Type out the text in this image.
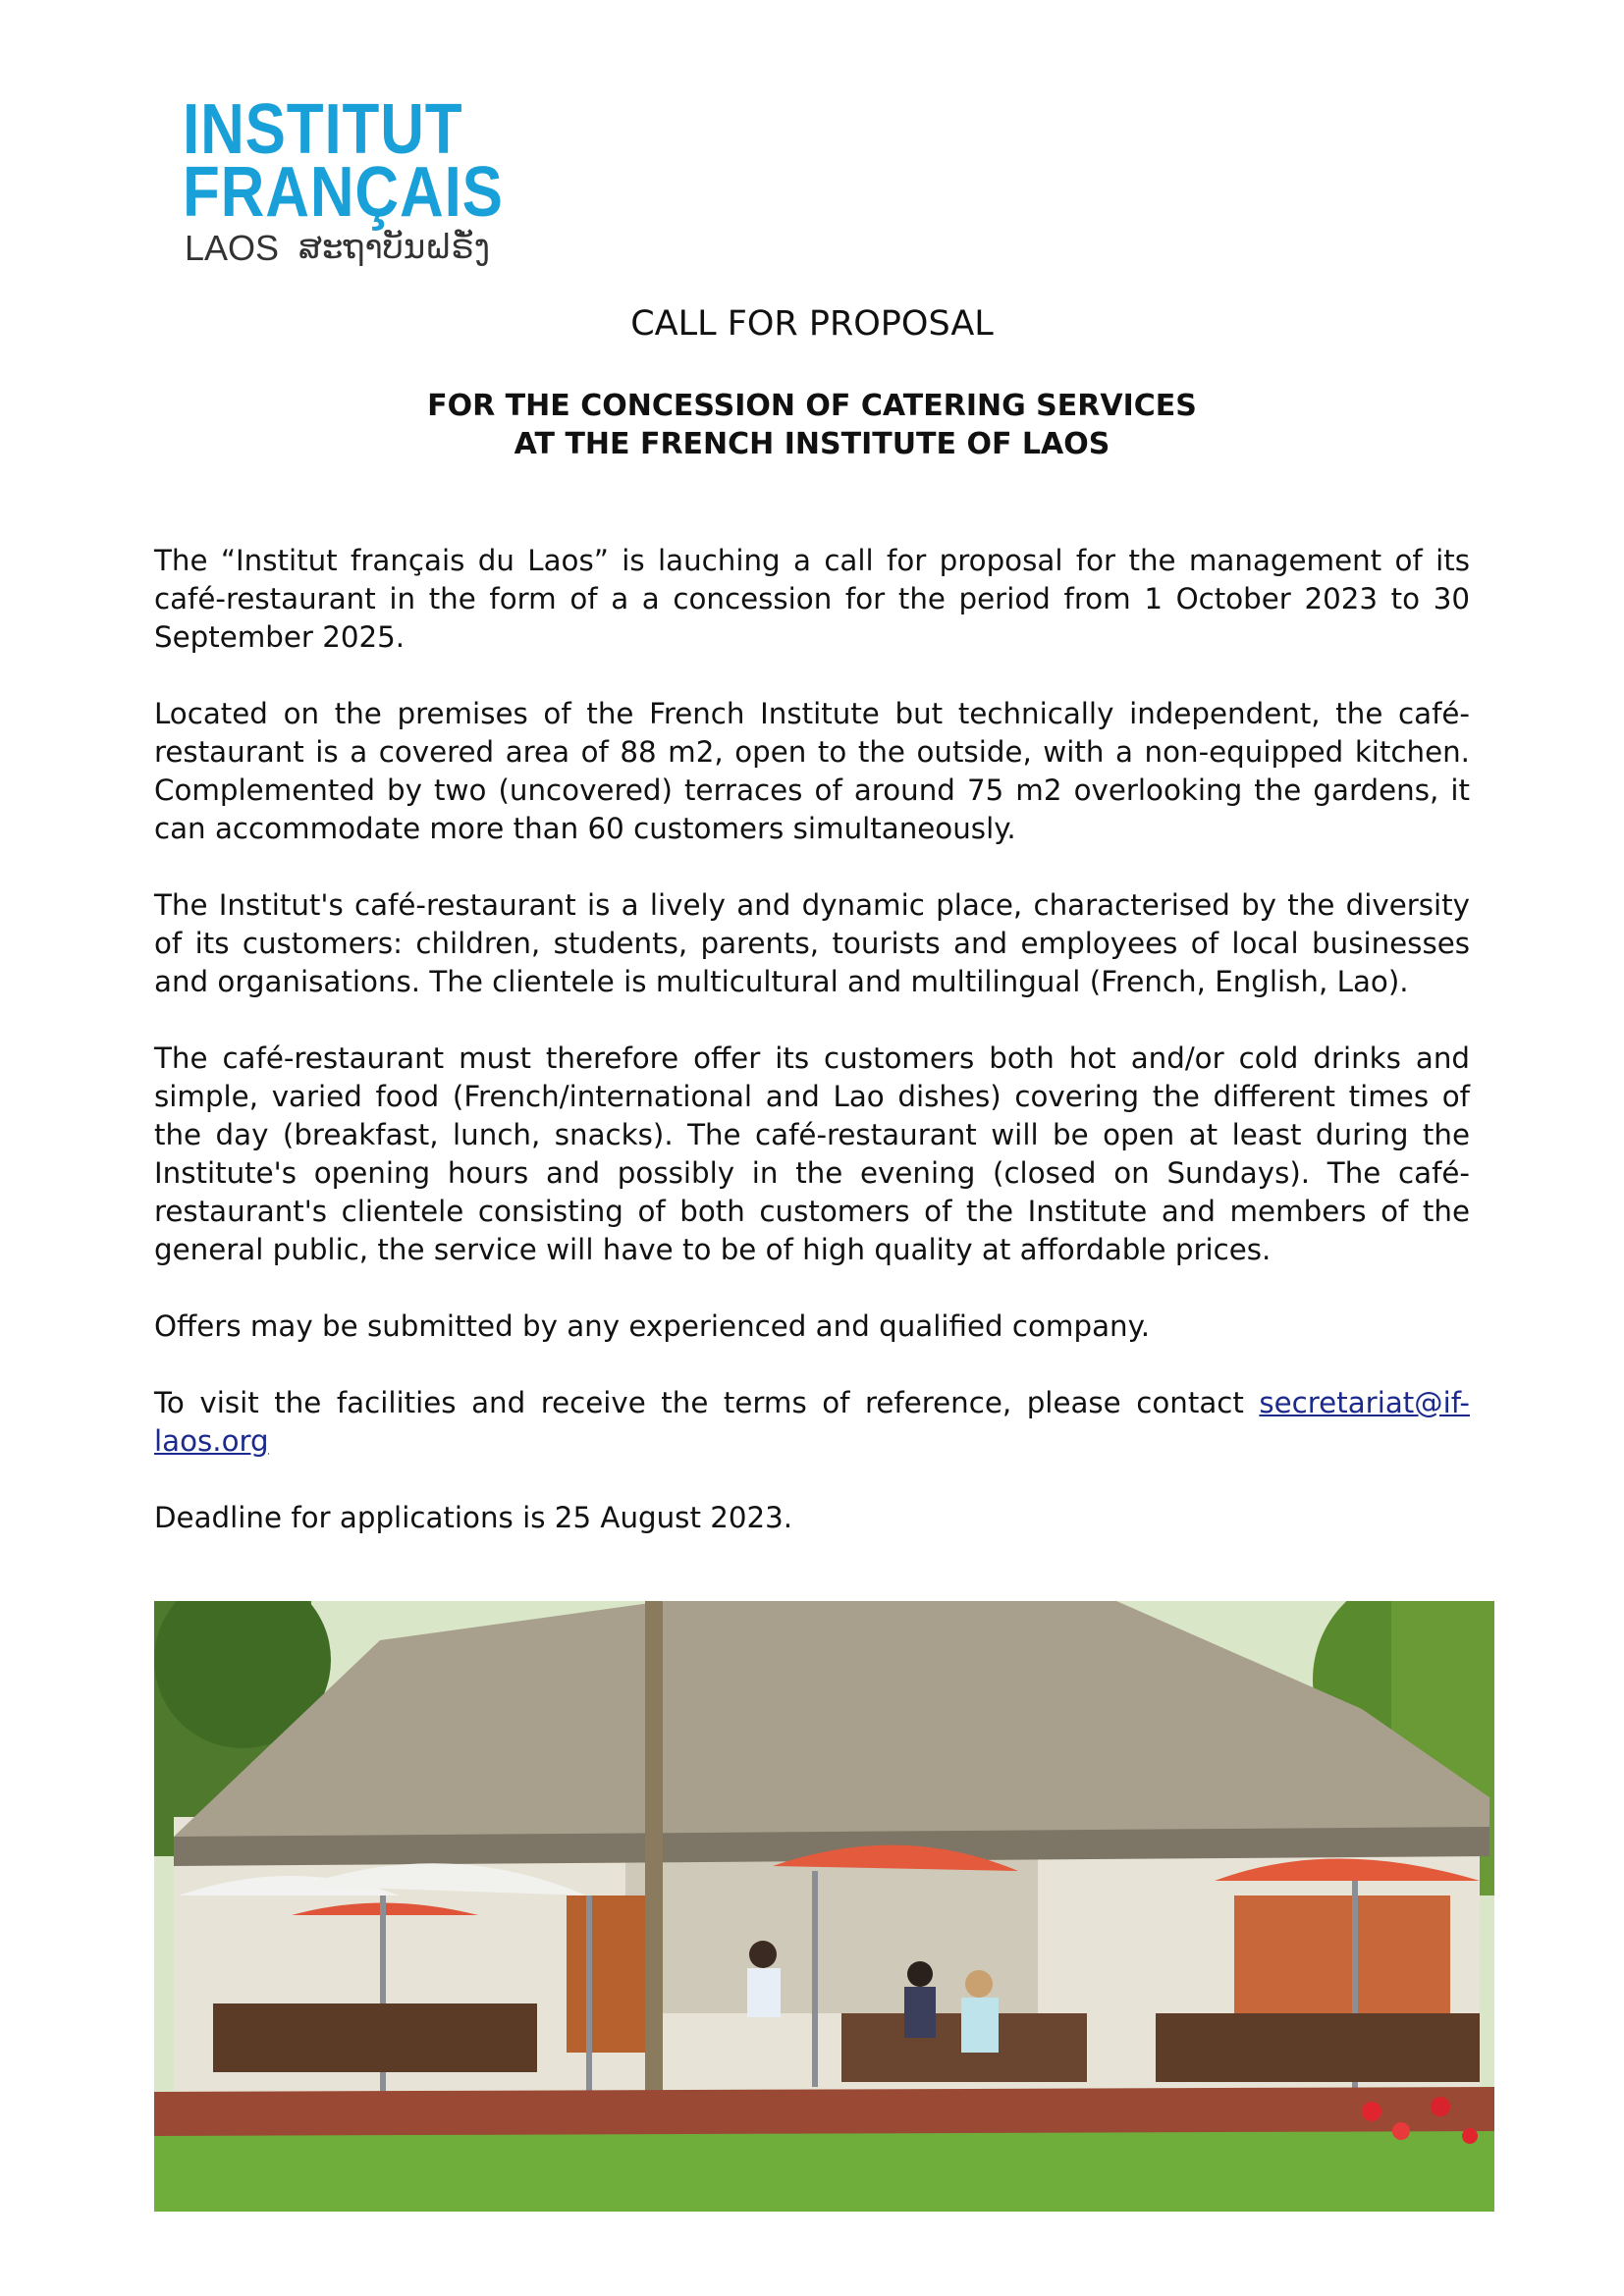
INSTITUT

FRANÇAIS

LAOS ສະຖາບັນຝຣັ່ງ
CALL FOR PROPOSAL
FOR THE CONCESSION OF CATERING SERVICES
AT THE FRENCH INSTITUTE OF LAOS

The “Institut français du Laos” is lauching a call for proposal for the management of its café-restaurant in the form of a a concession for the period from 1 October 2023 to 30 September 2025.

Located on the premises of the French Institute but technically independent, the café-restaurant is a covered area of 88 m2, open to the outside, with a non-equipped kitchen. Complemented by two (uncovered) terraces of around 75 m2 overlooking the gardens, it can accommodate more than 60 customers simultaneously.

The Institut's café-restaurant is a lively and dynamic place, characterised by the diversity of its customers: children, students, parents, tourists and employees of local businesses and organisations. The clientele is multicultural and multilingual (French, English, Lao).

The café-restaurant must therefore offer its customers both hot and/or cold drinks and simple, varied food (French/international and Lao dishes) covering the different times of the day (breakfast, lunch, snacks). The café-restaurant will be open at least during the Institute's opening hours and possibly in the evening (closed on Sundays). The café-restaurant's clientele consisting of both customers of the Institute and members of the general public, the service will have to be of high quality at affordable prices.

Offers may be submitted by any experienced and qualified company.

To visit the facilities and receive the terms of reference, please contact secretariat@if-laos.org

Deadline for applications is 25 August 2023.
